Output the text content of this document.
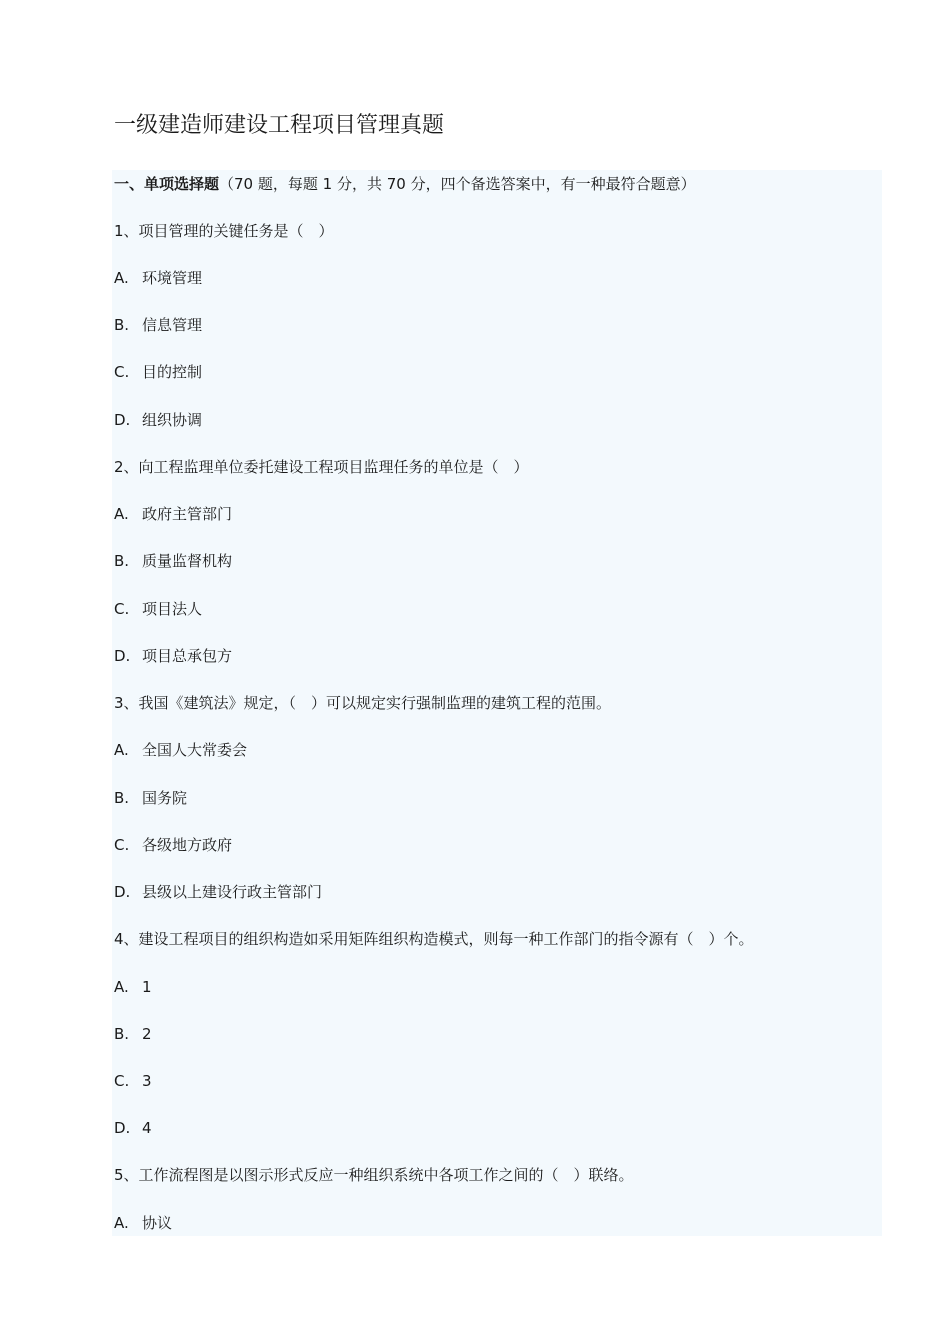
一级建造师建设工程项目管理真题
一、单项选择题（70 题，每题 1 分，共 70 分，四个备选答案中，有一种最符合题意）
1、项目管理的关键任务是（　）
A. 环境管理
B. 信息管理
C. 目的控制
D. 组织协调
2、向工程监理单位委托建设工程项目监理任务的单位是（　）
A. 政府主管部门
B. 质量监督机构
C. 项目法人
D. 项目总承包方
3、我国《建筑法》规定，（　）可以规定实行强制监理的建筑工程的范围。
A. 全国人大常委会
B. 国务院
C. 各级地方政府
D. 县级以上建设行政主管部门
4、建设工程项目的组织构造如采用矩阵组织构造模式，则每一种工作部门的指令源有（　）个。
A. 1
B. 2
C. 3
D. 4
5、工作流程图是以图示形式反应一种组织系统中各项工作之间的（　）联络。
A. 协议
